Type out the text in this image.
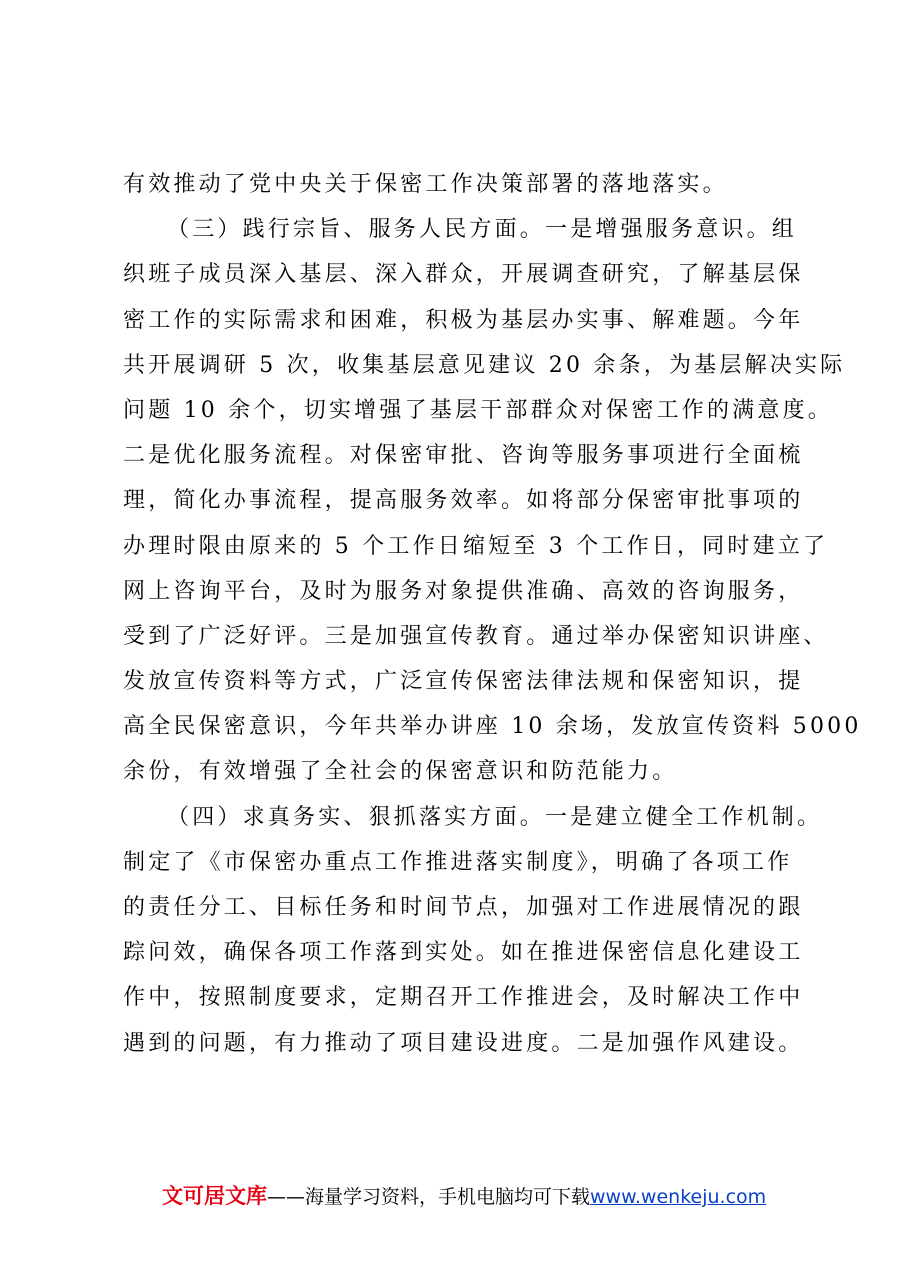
有效推动了党中央关于保密工作决策部署的落地落实。
（三）践行宗旨、服务人民方面。一是增强服务意识。组
织班子成员深入基层、深入群众，开展调查研究，了解基层保
密工作的实际需求和困难，积极为基层办实事、解难题。今年
共开展调研 5 次，收集基层意见建议 20 余条，为基层解决实际
问题 10 余个，切实增强了基层干部群众对保密工作的满意度。
二是优化服务流程。对保密审批、咨询等服务事项进行全面梳
理，简化办事流程，提高服务效率。如将部分保密审批事项的
办理时限由原来的 5 个工作日缩短至 3 个工作日，同时建立了
网上咨询平台，及时为服务对象提供准确、高效的咨询服务，
受到了广泛好评。三是加强宣传教育。通过举办保密知识讲座、
发放宣传资料等方式，广泛宣传保密法律法规和保密知识，提
高全民保密意识，今年共举办讲座 10 余场，发放宣传资料 5000
余份，有效增强了全社会的保密意识和防范能力。
（四）求真务实、狠抓落实方面。一是建立健全工作机制。
制定了《市保密办重点工作推进落实制度》，明确了各项工作
的责任分工、目标任务和时间节点，加强对工作进展情况的跟
踪问效，确保各项工作落到实处。如在推进保密信息化建设工
作中，按照制度要求，定期召开工作推进会，及时解决工作中
遇到的问题，有力推动了项目建设进度。二是加强作风建设。
文可居文库——海量学习资料，手机电脑均可下载www.wenkeju.com
